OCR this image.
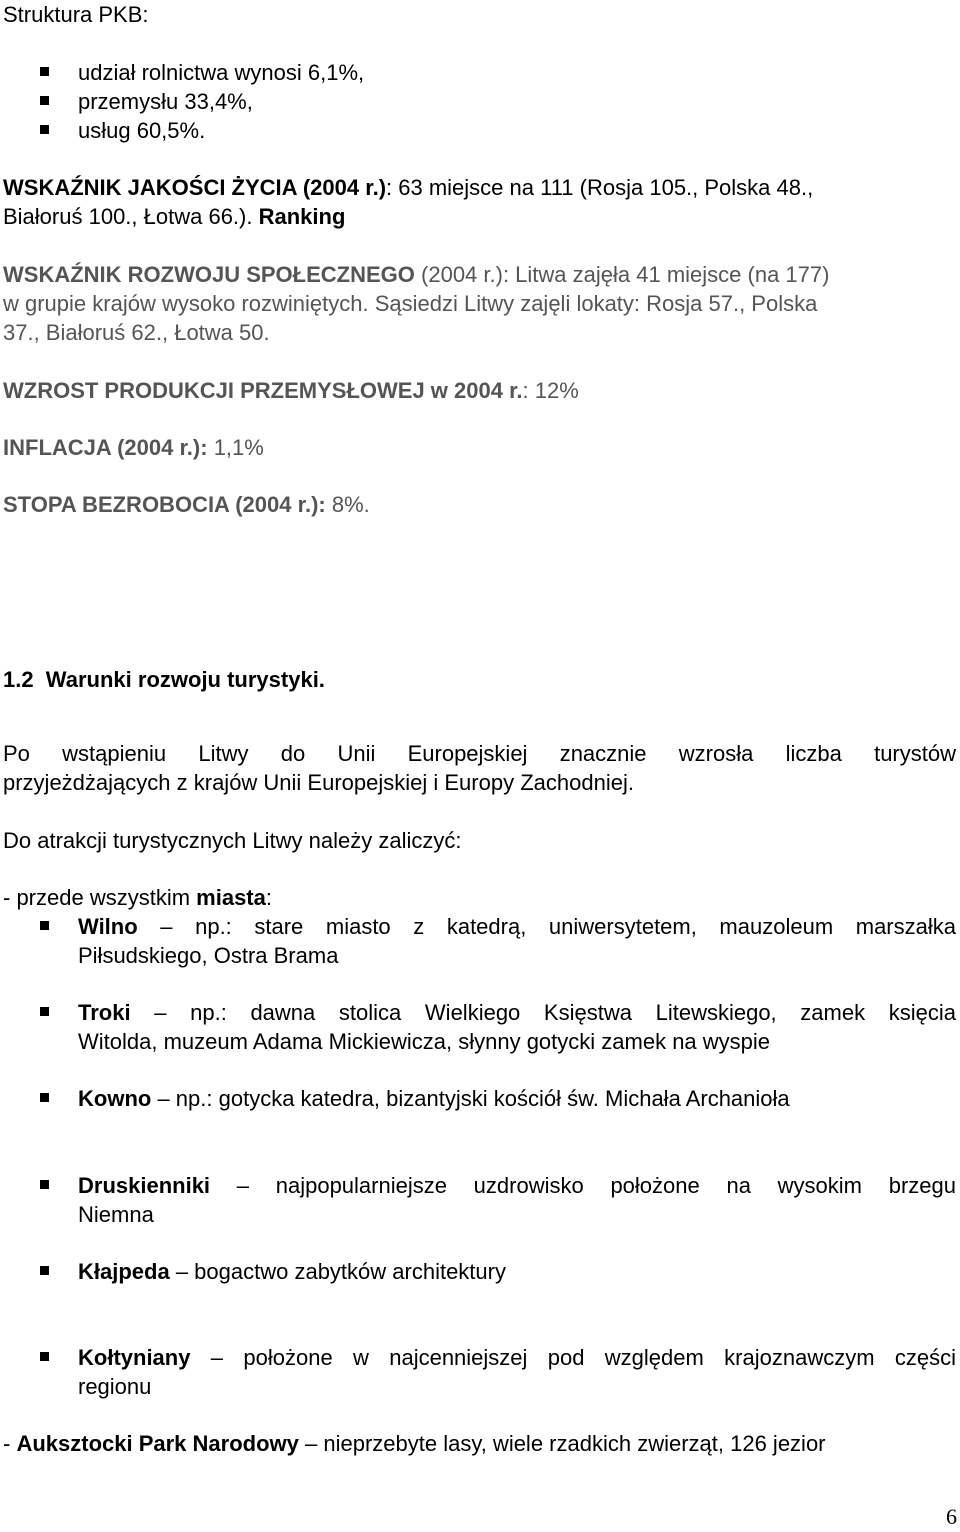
Struktura PKB:
udział rolnictwa wynosi 6,1%,
przemysłu 33,4%,
usług 60,5%.
WSKAŹNIK JAKOŚCI ŻYCIA (2004 r.): 63 miejsce na 111 (Rosja 105., Polska 48.,
Białoruś 100., Łotwa 66.). Ranking
WSKAŹNIK ROZWOJU SPOŁECZNEGO (2004 r.): Litwa zajęła 41 miejsce (na 177)
w grupie krajów wysoko rozwiniętych. Sąsiedzi Litwy zajęli lokaty: Rosja 57., Polska
37., Białoruś 62., Łotwa 50.
WZROST PRODUKCJI PRZEMYSŁOWEJ w 2004 r.: 12%
INFLACJA (2004 r.): 1,1%
STOPA BEZROBOCIA (2004 r.): 8%.
1.2  Warunki rozwoju turystyki.
Po wstąpieniu Litwy do Unii Europejskiej znacznie wzrosła liczba turystów
przyjeżdżających z krajów Unii Europejskiej i Europy Zachodniej.
Do atrakcji turystycznych Litwy należy zaliczyć:
- przede wszystkim miasta:
Wilno – np.: stare miasto z katedrą, uniwersytetem, mauzoleum marszałka
Piłsudskiego, Ostra Brama
Troki – np.: dawna stolica Wielkiego Księstwa Litewskiego, zamek księcia
Witolda, muzeum Adama Mickiewicza, słynny gotycki zamek na wyspie
Kowno – np.: gotycka katedra, bizantyjski kościół św. Michała Archanioła
Druskienniki – najpopularniejsze uzdrowisko położone na wysokim brzegu
Niemna
Kłajpeda – bogactwo zabytków architektury
Kołtyniany – położone w najcenniejszej pod względem krajoznawczym części
regionu
- Auksztocki Park Narodowy – nieprzebyte lasy, wiele rzadkich zwierząt, 126 jezior
6
